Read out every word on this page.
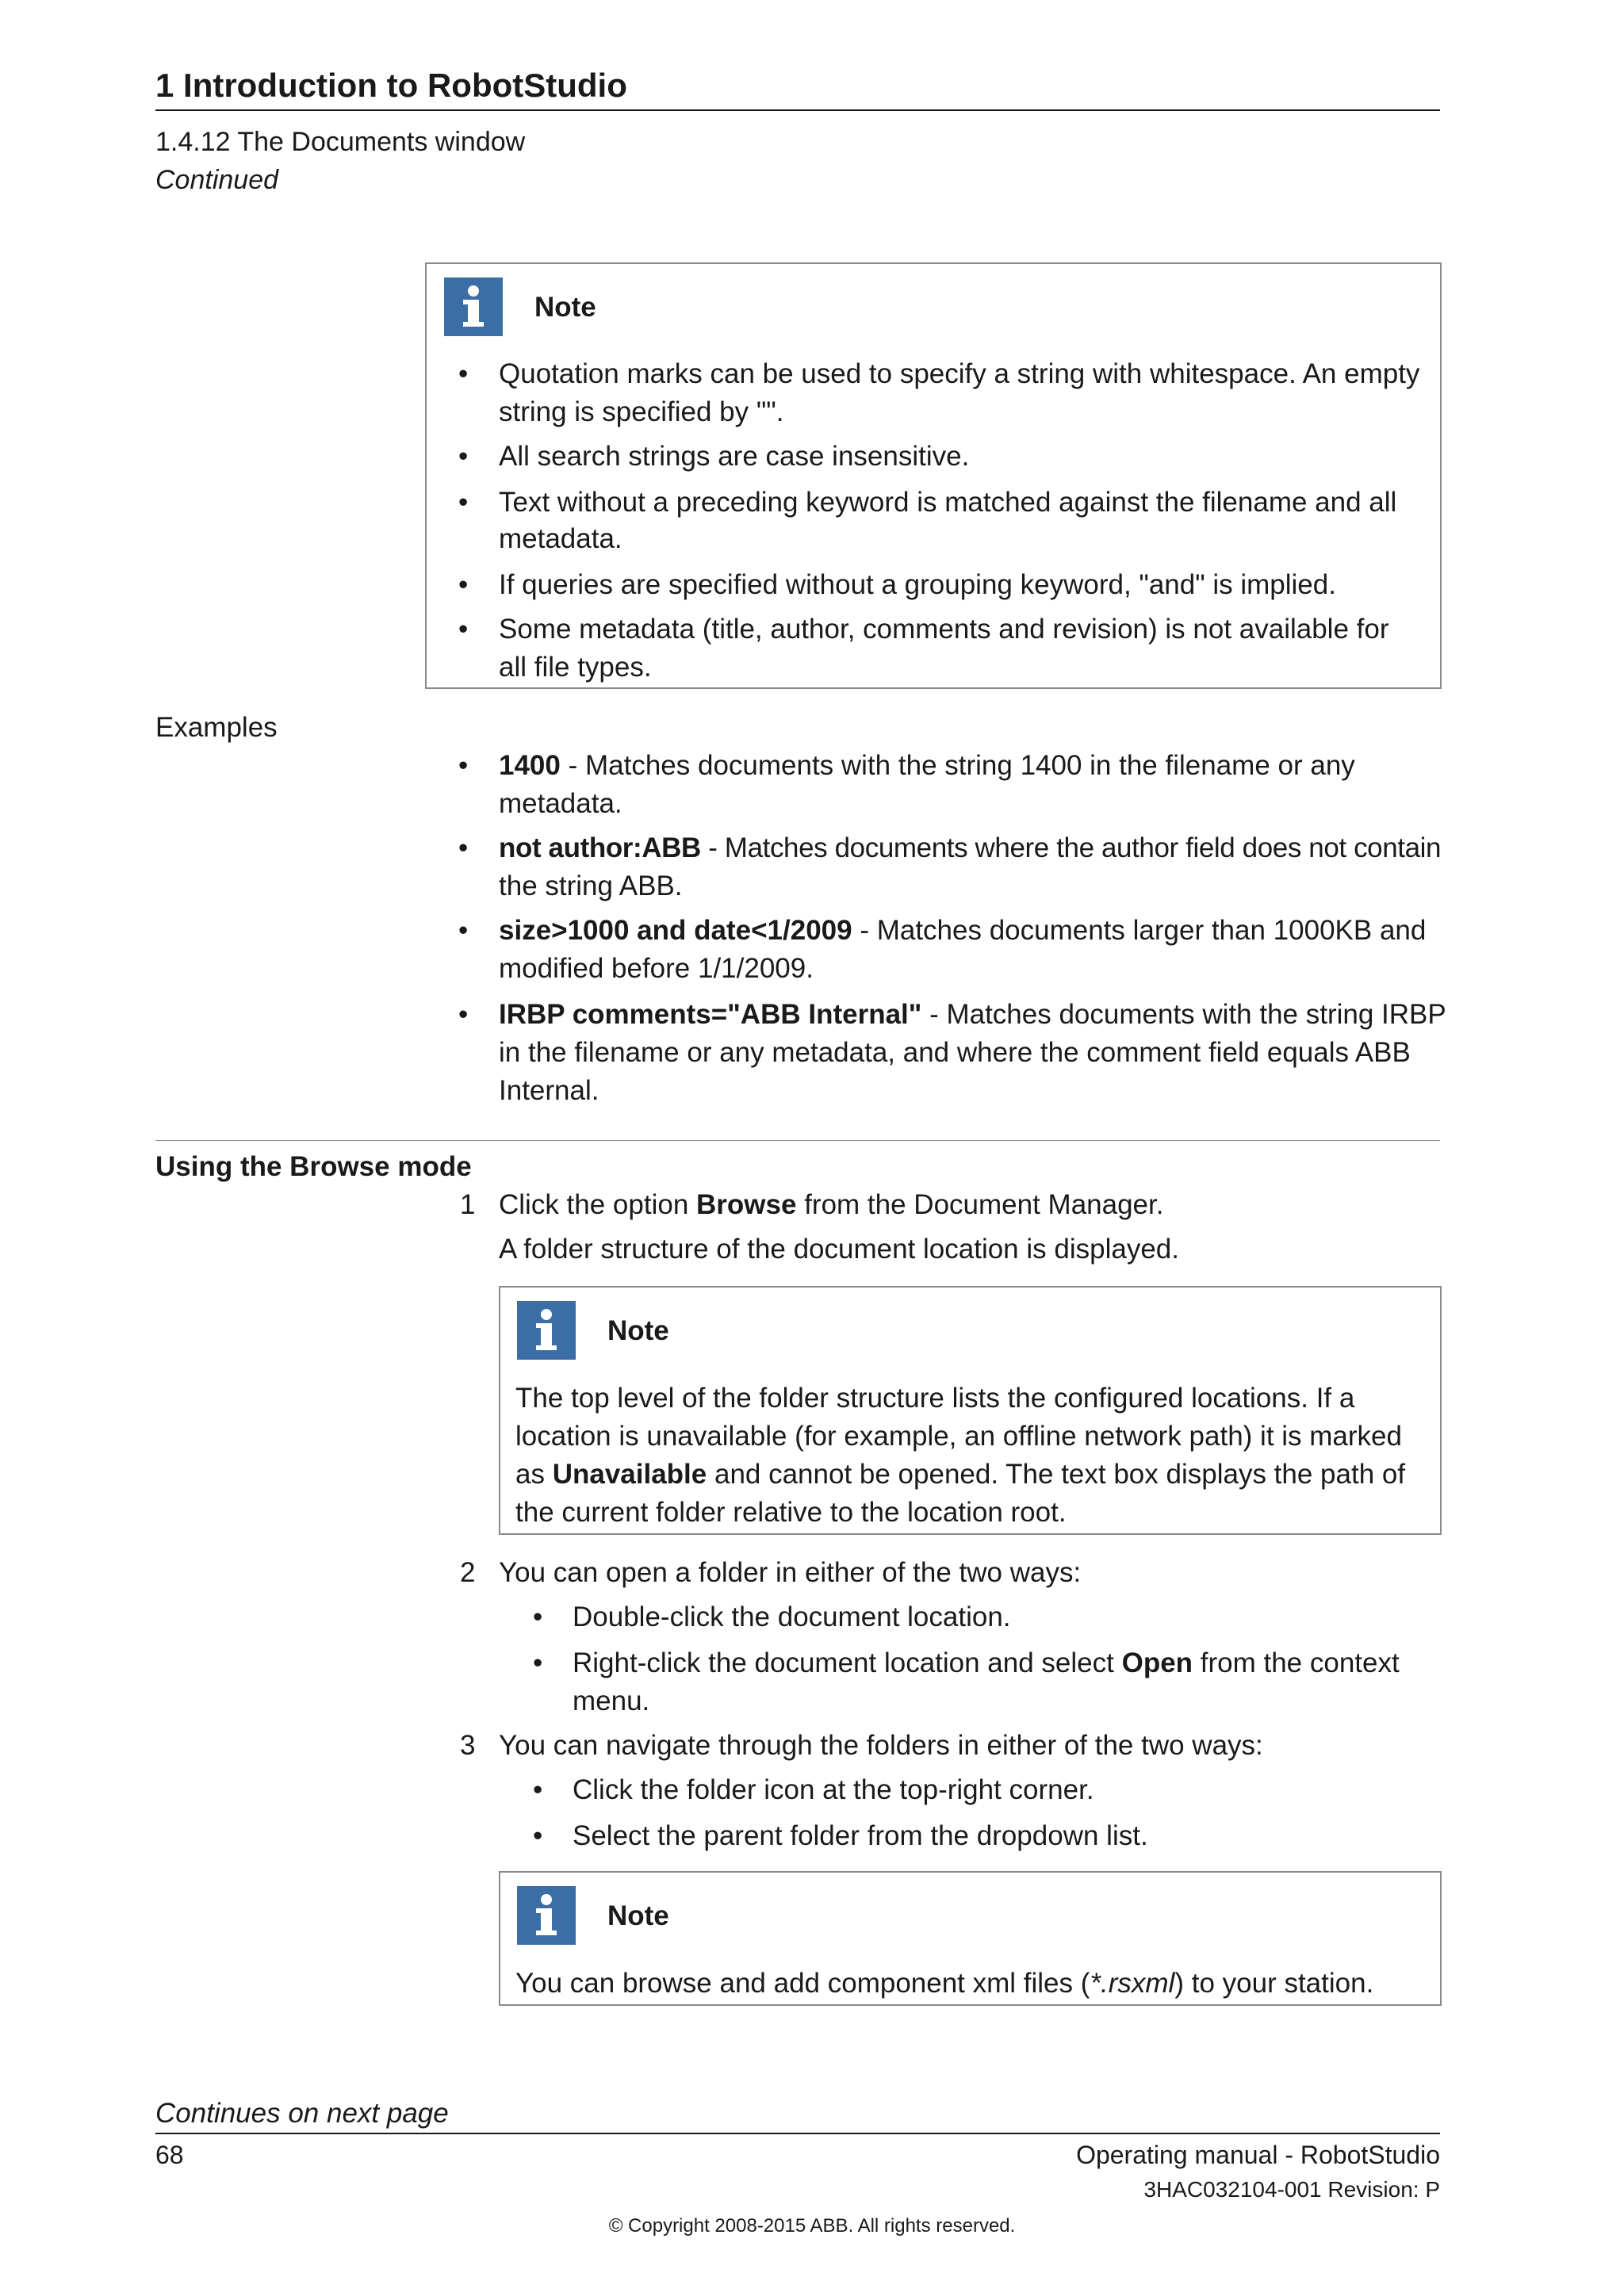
1 Introduction to RobotStudio
1.4.12 The Documents window
Continued
Note
• Quotation marks can be used to specify a string with whitespace. An empty
string is specified by "".
• All search strings are case insensitive.
• Text without a preceding keyword is matched against the filename and all
metadata.
• If queries are specified without a grouping keyword, "and" is implied.
• Some metadata (title, author, comments and revision) is not available for
all file types.
Examples
• 1400 - Matches documents with the string 1400 in the filename or any
metadata.
• not author:ABB - Matches documents where the author field does not contain
the string ABB.
• size>1000 and date<1/2009 - Matches documents larger than 1000KB and
modified before 1/1/2009.
• IRBP comments="ABB Internal" - Matches documents with the string IRBP
in the filename or any metadata, and where the comment field equals ABB
Internal.
Using the Browse mode
1 Click the option Browse from the Document Manager.
A folder structure of the document location is displayed.
Note
The top level of the folder structure lists the configured locations. If a
location is unavailable (for example, an offline network path) it is marked
as Unavailable and cannot be opened. The text box displays the path of
the current folder relative to the location root.
2 You can open a folder in either of the two ways:
• Double-click the document location.
• Right-click the document location and select Open from the context
menu.
3 You can navigate through the folders in either of the two ways:
• Click the folder icon at the top-right corner.
• Select the parent folder from the dropdown list.
Note
You can browse and add component xml files (*.rsxml) to your station.
Continues on next page
68	Operating manual - RobotStudio
3HAC032104-001 Revision: P
© Copyright 2008-2015 ABB. All rights reserved.
